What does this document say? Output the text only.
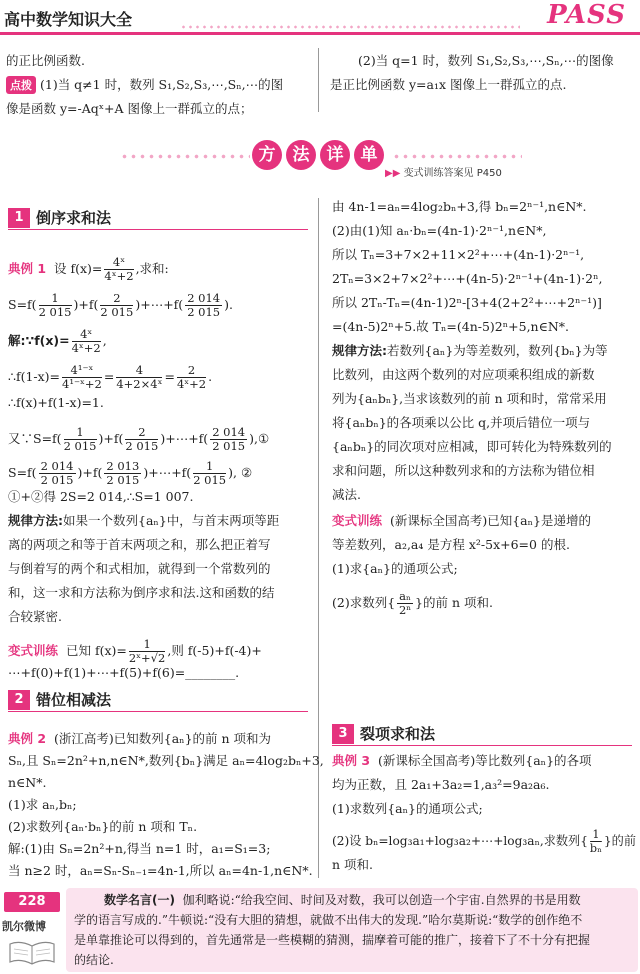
高中数学知识大全	PASS
的正比例函数.
点拨 (1)当 q≠1 时，数列 S₁,S₂,S₃,⋯,Sₙ,⋯的图
像是函数 y=-Aqˣ+A 图像上一群孤立的点；
(2)当 q=1 时，数列 S₁,S₂,S₃,⋯,Sₙ,⋯的图像
是正比例函数 y=a₁x 图像上一群孤立的点.
方	法	详	单
▶▶ 变式训练答案见 P450
1 倒序求和法
典例 1 设 $f(x)= \frac{\text{4ˣ}}{\text{4ˣ+2}}$ ,求和:
$S=f( \frac{1}{2 015} )+f( \frac{2}{2 015}$ )+⋯+f( $\frac{2 014}{2 015}$ ).
解:∵f(x)= $\frac{\text{4ˣ}}{\text{4ˣ+2}}$ ,
∴f(1-x)= $\frac{\text{4¹⁻ˣ}}{\text{4¹⁻ˣ+2}} = \frac{4}{\text{4+2×4ˣ}} = \frac{2}{\text{4ˣ+2}}$ .
∴f(x)+f(1-x)=1.
又∵S=f( $\frac{1}{2 015} )+f( \frac{2}{2 015}$ )+⋯+f( $\frac{2 014}{2 015}$ ),①
$S=f( \frac{2 014}{2 015} )+f( \frac{2 013}{2 015}$ )+⋯+f( $\frac{1}{2 015}$ ), ②
①+②得 2S=2 014,∴S=1 007.
规律方法:如果一个数列{aₙ}中，与首末两项等距
离的两项之和等于首末两项之和，那么把正着写
与倒着写的两个和式相加，就得到一个常数列的
和，这一求和方法称为倒序求和法.这和函数的结
合较紧密.
变式训练 已知 $f(x)= \frac{1}{\text{2ˣ+√2}}$ ,则 f(-5)+f(-4)+
⋯+f(0)+f(1)+⋯+f(5)+f(6)=________.
2 错位相减法
典例 2 (浙江高考)已知数列{aₙ}的前 n 项和为
Sₙ,且 Sₙ=2n²+n,n∈N*,数列{bₙ}满足 aₙ=4log₂bₙ+3,
n∈N*.
(1)求 aₙ,bₙ;
(2)求数列{aₙ·bₙ}的前 n 项和 Tₙ.
解:(1)由 Sₙ=2n²+n,得当 n=1 时，a₁=S₁=3;
当 n≥2 时，aₙ=Sₙ-Sₙ₋₁=4n-1,所以 aₙ=4n-1,n∈N*.
由 4n-1=aₙ=4log₂bₙ+3,得 bₙ=2ⁿ⁻¹,n∈N*.
(2)由(1)知 aₙ·bₙ=(4n-1)·2ⁿ⁻¹,n∈N*,
所以 Tₙ=3+7×2+11×2²+⋯+(4n-1)·2ⁿ⁻¹,
2Tₙ=3×2+7×2²+⋯+(4n-5)·2ⁿ⁻¹+(4n-1)·2ⁿ,
所以 2Tₙ-Tₙ=(4n-1)2ⁿ-[3+4(2+2²+⋯+2ⁿ⁻¹)]
=(4n-5)2ⁿ+5.故 Tₙ=(4n-5)2ⁿ+5,n∈N*.
规律方法:若数列{aₙ}为等差数列，数列{bₙ}为等
比数列，由这两个数列的对应项乘积组成的新数
列为{aₙbₙ},当求该数列的前 n 项和时，常常采用
将{aₙbₙ}的各项乘以公比 q,并项后错位一项与
{aₙbₙ}的同次项对应相减，即可转化为特殊数列的
求和问题，所以这种数列求和的方法称为错位相
减法.
变式训练 (新课标全国高考)已知{aₙ}是递增的
等差数列，a₂,a₄ 是方程 x²-5x+6=0 的根.
(1)求{aₙ}的通项公式;
(2)求数列{ $\frac{\text{aₙ}}{\text{2ⁿ}}$ }的前 n 项和.
3 裂项求和法
典例 3 (新课标全国高考)等比数列{aₙ}的各项
均为正数，且 2a₁+3a₂=1,a₃²=9a₂a₆.
(1)求数列{aₙ}的通项公式;
(2)设 bₙ=log₃a₁+log₃a₂+⋯+log₃aₙ,求数列{ $\frac{1}{\text{bₙ}}$ }的前
n 项和.
228
凯尔微博
数学名言(一) 伽利略说:“给我空间、时间及对数，我可以创造一个宇宙.自然界的书是用数
学的语言写成的.”牛顿说:“没有大胆的猜想，就做不出伟大的发现.”哈尔莫斯说:“数学的创作绝不
是单靠推论可以得到的，首先通常是一些模糊的猜测，揣摩着可能的推广，接着下了不十分有把握
的结论.
